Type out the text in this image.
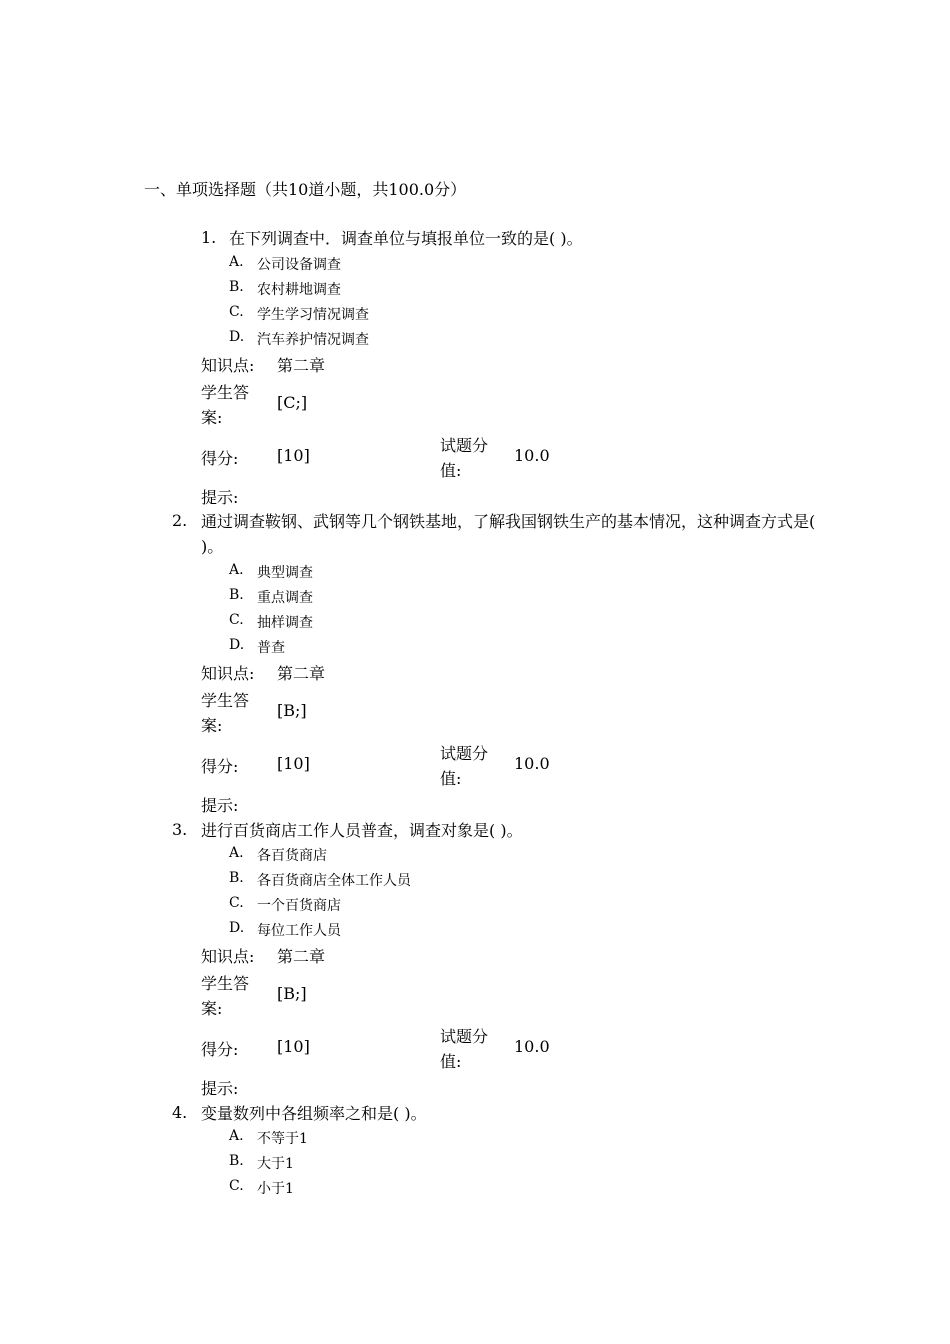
一、单项选择题（共10道小题，共100.0分）
1. 在下列调查中．调查单位与填报单位一致的是( )。
A. 公司设备调查
B. 农村耕地调查
C. 学生学习情况调查
D. 汽车养护情况调查
知识点: 第二章
学生答
案:
[C;]
得分: [10]
试题分
值:
10.0
提示:
2. 通过调查鞍钢、武钢等几个钢铁基地，了解我国钢铁生产的基本情况，这种调查方式是( )。
A. 典型调查
B. 重点调查
C. 抽样调查
D. 普查
知识点: 第二章
学生答
案:
[B;]
得分: [10]
试题分
值:
10.0
提示:
3. 进行百货商店工作人员普查，调查对象是( )。
A. 各百货商店
B. 各百货商店全体工作人员
C. 一个百货商店
D. 每位工作人员
知识点: 第二章
学生答
案:
[B;]
得分: [10]
试题分
值:
10.0
提示:
4. 变量数列中各组频率之和是( )。
A. 不等于1
B. 大于1
C. 小于1
